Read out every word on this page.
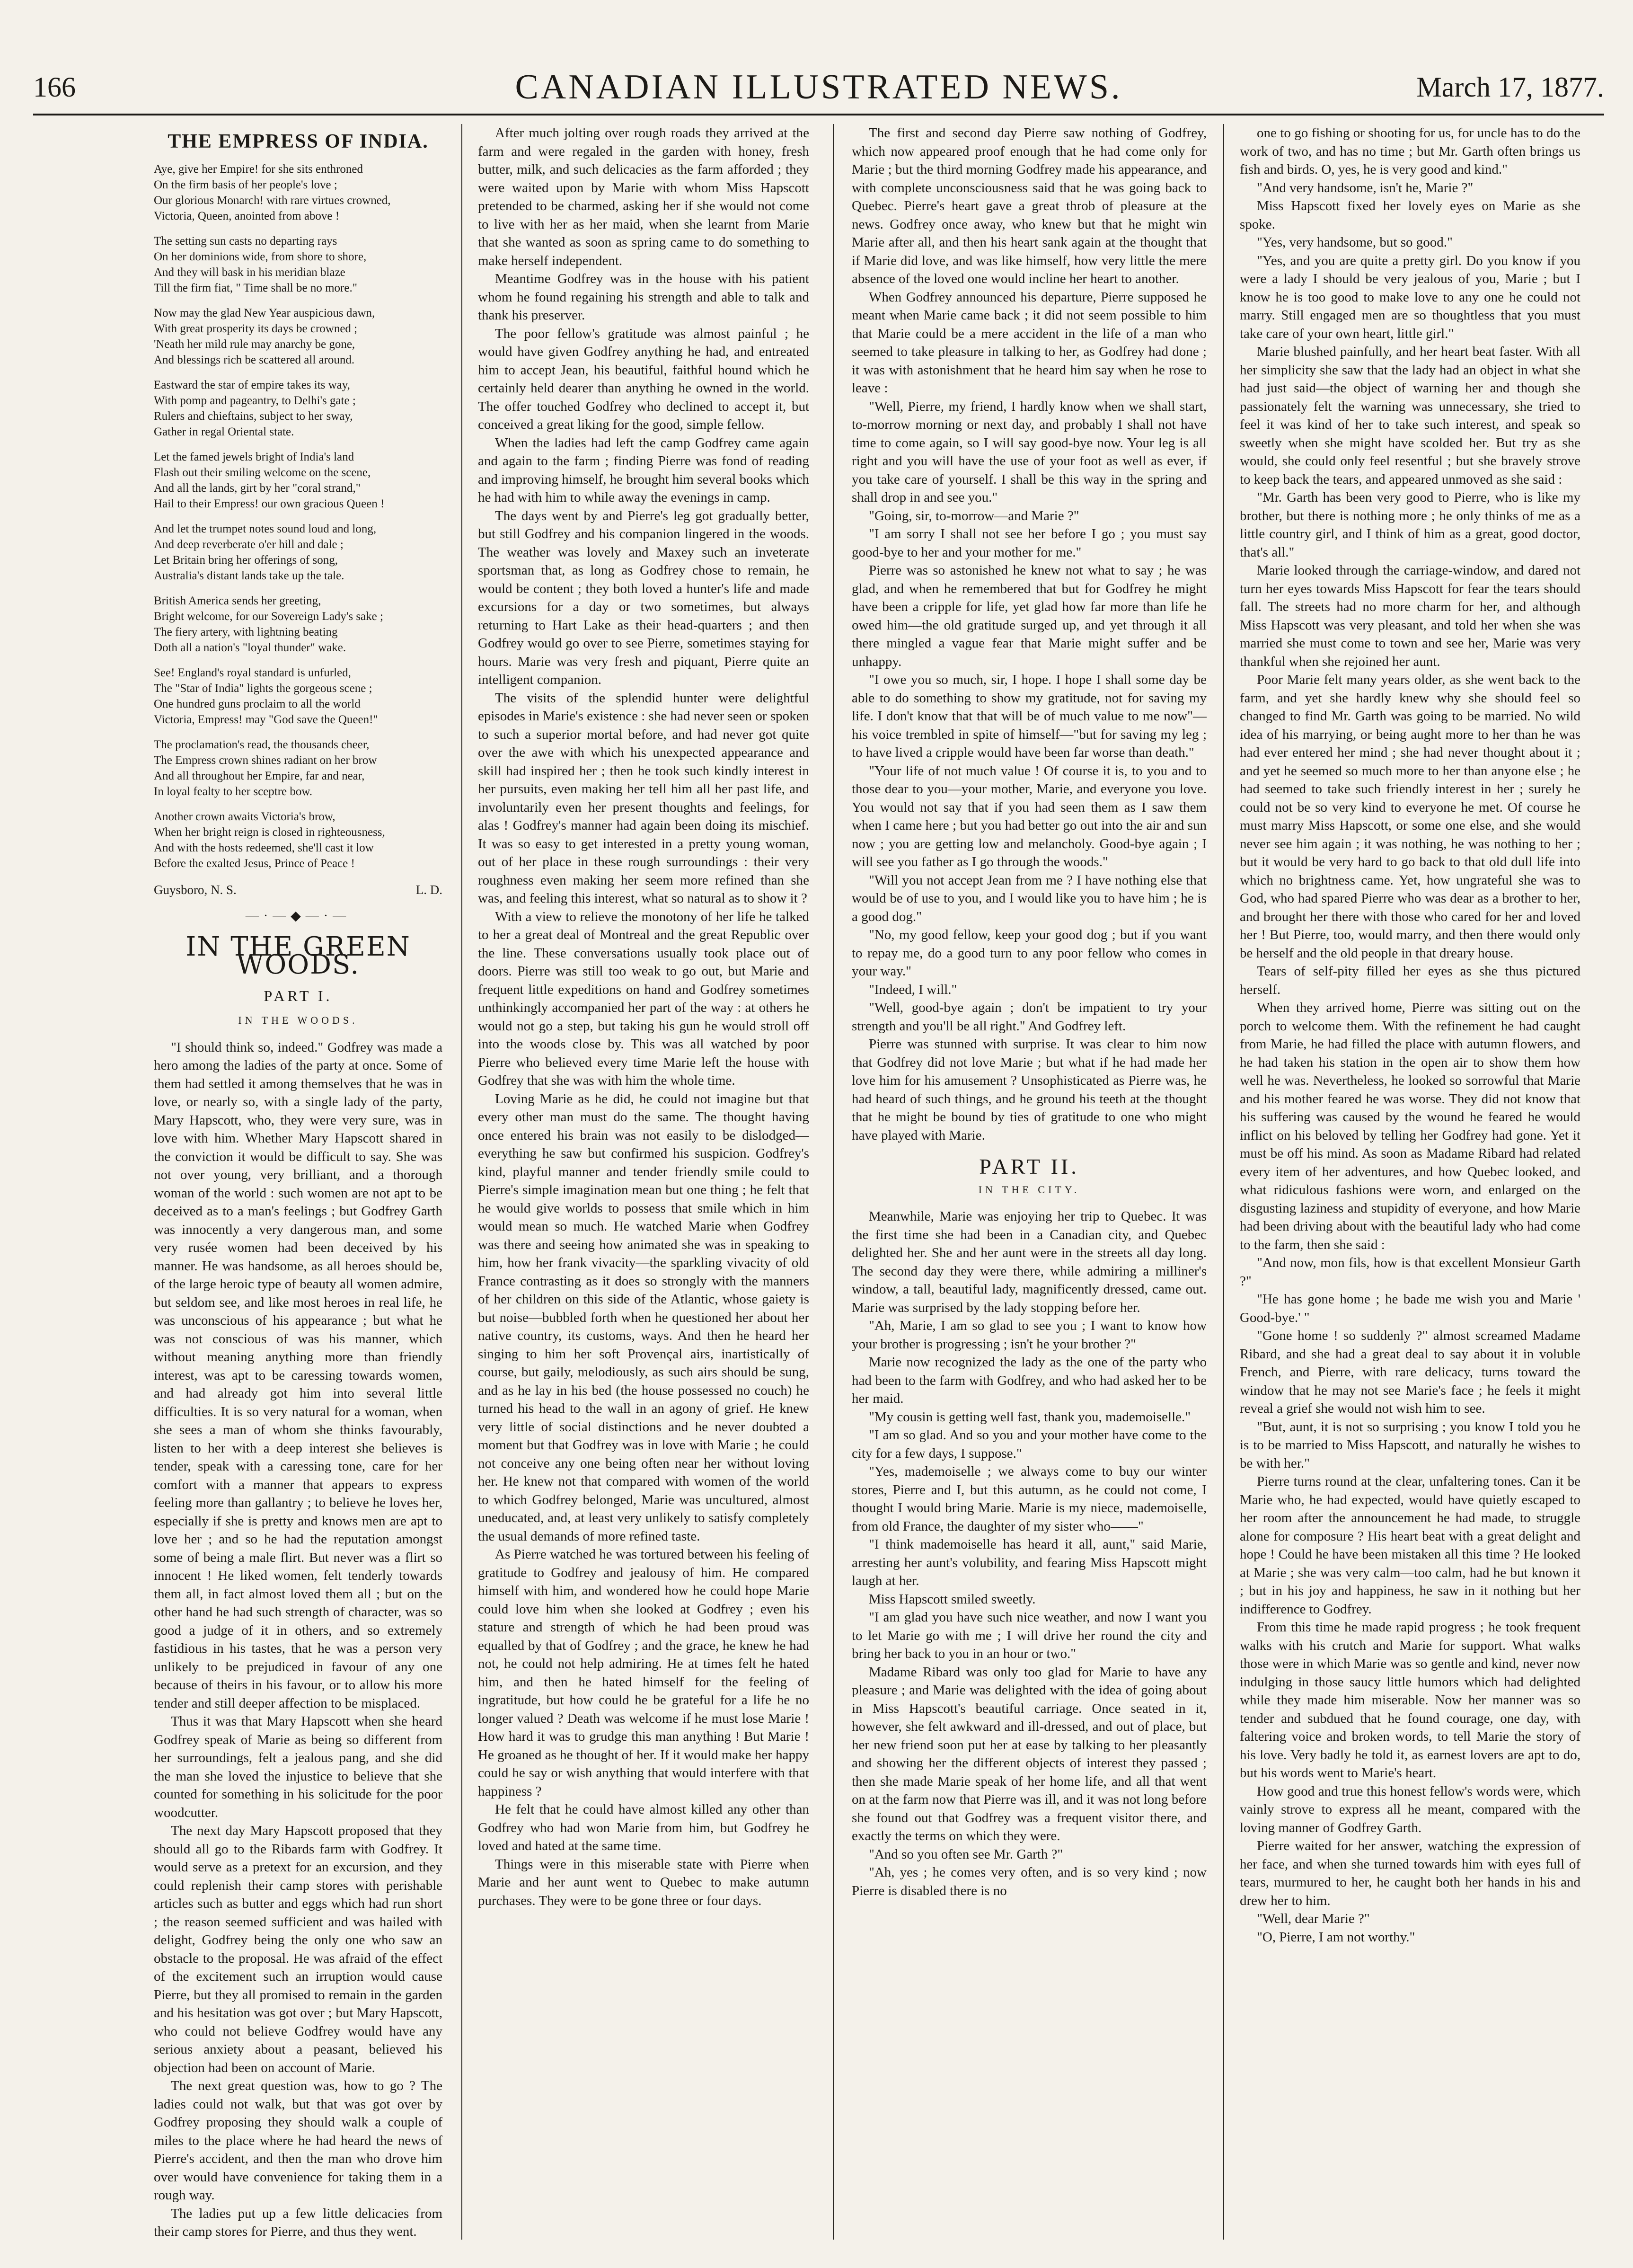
166	CANADIAN ILLUSTRATED NEWS.	March 17, 1877.
THE EMPRESS OF INDIA.
Aye, give her Empire! for she sits enthroned
On the firm basis of her people's love ;
Our glorious Monarch! with rare virtues crowned,
Victoria, Queen, anointed from above !
The setting sun casts no departing rays
On her dominions wide, from shore to shore,
And they will bask in his meridian blaze
Till the firm fiat, " Time shall be no more."
Now may the glad New Year auspicious dawn,
With great prosperity its days be crowned ;
'Neath her mild rule may anarchy be gone,
And blessings rich be scattered all around.
Eastward the star of empire takes its way,
With pomp and pageantry, to Delhi's gate ;
Rulers and chieftains, subject to her sway,
Gather in regal Oriental state.
Let the famed jewels bright of India's land
Flash out their smiling welcome on the scene,
And all the lands, girt by her "coral strand,"
Hail to their Empress! our own gracious Queen !
And let the trumpet notes sound loud and long,
And deep reverberate o'er hill and dale ;
Let Britain bring her offerings of song,
Australia's distant lands take up the tale.
British America sends her greeting,
Bright welcome, for our Sovereign Lady's sake ;
The fiery artery, with lightning beating
Doth all a nation's "loyal thunder" wake.
See! England's royal standard is unfurled,
The "Star of India" lights the gorgeous scene ;
One hundred guns proclaim to all the world
Victoria, Empress! may "God save the Queen!"
The proclamation's read, the thousands cheer,
The Empress crown shines radiant on her brow
And all throughout her Empire, far and near,
In loyal fealty to her sceptre bow.
Another crown awaits Victoria's brow,
When her bright reign is closed in righteousness,
And with the hosts redeemed, she'll cast it low
Before the exalted Jesus, Prince of Peace !
Guysboro, N. S.	L. D.
—·—◆—·—
IN THE GREEN WOODS.
PART I.
IN THE WOODS.

"I should think so, indeed." Godfrey was made a hero among the ladies of the party at once. Some of them had settled it among themselves that he was in love, or nearly so, with a single lady of the party, Mary Hapscott, who, they were very sure, was in love with him. Whether Mary Hapscott shared in the conviction it would be difficult to say. She was not over young, very brilliant, and a thorough woman of the world : such women are not apt to be deceived as to a man's feelings ; but Godfrey Garth was innocently a very dangerous man, and some very rusée women had been deceived by his manner. He was handsome, as all heroes should be, of the large heroic type of beauty all women admire, but seldom see, and like most heroes in real life, he was unconscious of his appearance ; but what he was not conscious of was his manner, which without meaning anything more than friendly interest, was apt to be caressing towards women, and had already got him into several little difficulties. It is so very natural for a woman, when she sees a man of whom she thinks favourably, listen to her with a deep interest she believes is tender, speak with a caressing tone, care for her comfort with a manner that appears to express feeling more than gallantry ; to believe he loves her, especially if she is pretty and knows men are apt to love her ; and so he had the reputation amongst some of being a male flirt. But never was a flirt so innocent ! He liked women, felt tenderly towards them all, in fact almost loved them all ; but on the other hand he had such strength of character, was so good a judge of it in others, and so extremely fastidious in his tastes, that he was a person very unlikely to be prejudiced in favour of any one because of theirs in his favour, or to allow his more tender and still deeper affection to be misplaced.

Thus it was that Mary Hapscott when she heard Godfrey speak of Marie as being so different from her surroundings, felt a jealous pang, and she did the man she loved the injustice to believe that she counted for something in his solicitude for the poor woodcutter.

The next day Mary Hapscott proposed that they should all go to the Ribards farm with Godfrey. It would serve as a pretext for an excursion, and they could replenish their camp stores with perishable articles such as butter and eggs which had run short ; the reason seemed sufficient and was hailed with delight, Godfrey being the only one who saw an obstacle to the proposal. He was afraid of the effect of the excitement such an irruption would cause Pierre, but they all promised to remain in the garden and his hesitation was got over ; but Mary Hapscott, who could not believe Godfrey would have any serious anxiety about a peasant, believed his objection had been on account of Marie.

The next great question was, how to go ? The ladies could not walk, but that was got over by Godfrey proposing they should walk a couple of miles to the place where he had heard the news of Pierre's accident, and then the man who drove him over would have convenience for taking them in a rough way.

The ladies put up a few little delicacies from their camp stores for Pierre, and thus they went.

After much jolting over rough roads they arrived at the farm and were regaled in the garden with honey, fresh butter, milk, and such delicacies as the farm afforded ; they were waited upon by Marie with whom Miss Hapscott pretended to be charmed, asking her if she would not come to live with her as her maid, when she learnt from Marie that she wanted as soon as spring came to do something to make herself independent.

Meantime Godfrey was in the house with his patient whom he found regaining his strength and able to talk and thank his preserver.

The poor fellow's gratitude was almost painful ; he would have given Godfrey anything he had, and entreated him to accept Jean, his beautiful, faithful hound which he certainly held dearer than anything he owned in the world. The offer touched Godfrey who declined to accept it, but conceived a great liking for the good, simple fellow.

When the ladies had left the camp Godfrey came again and again to the farm ; finding Pierre was fond of reading and improving himself, he brought him several books which he had with him to while away the evenings in camp.

The days went by and Pierre's leg got gradually better, but still Godfrey and his companion lingered in the woods. The weather was lovely and Maxey such an inveterate sportsman that, as long as Godfrey chose to remain, he would be content ; they both loved a hunter's life and made excursions for a day or two sometimes, but always returning to Hart Lake as their head-quarters ; and then Godfrey would go over to see Pierre, sometimes staying for hours. Marie was very fresh and piquant, Pierre quite an intelligent companion.

The visits of the splendid hunter were delightful episodes in Marie's existence : she had never seen or spoken to such a superior mortal before, and had never got quite over the awe with which his unexpected appearance and skill had inspired her ; then he took such kindly interest in her pursuits, even making her tell him all her past life, and involuntarily even her present thoughts and feelings, for alas ! Godfrey's manner had again been doing its mischief. It was so easy to get interested in a pretty young woman, out of her place in these rough surroundings : their very roughness even making her seem more refined than she was, and feeling this interest, what so natural as to show it ?

With a view to relieve the monotony of her life he talked to her a great deal of Montreal and the great Republic over the line. These conversations usually took place out of doors. Pierre was still too weak to go out, but Marie and frequent little expeditions on hand and Godfrey sometimes unthinkingly accompanied her part of the way : at others he would not go a step, but taking his gun he would stroll off into the woods close by. This was all watched by poor Pierre who believed every time Marie left the house with Godfrey that she was with him the whole time.

Loving Marie as he did, he could not imagine but that every other man must do the same. The thought having once entered his brain was not easily to be dislodged—everything he saw but confirmed his suspicion. Godfrey's kind, playful manner and tender friendly smile could to Pierre's simple imagination mean but one thing ; he felt that he would give worlds to possess that smile which in him would mean so much. He watched Marie when Godfrey was there and seeing how animated she was in speaking to him, how her frank vivacity—the sparkling vivacity of old France contrasting as it does so strongly with the manners of her children on this side of the Atlantic, whose gaiety is but noise—bubbled forth when he questioned her about her native country, its customs, ways. And then he heard her singing to him her soft Provençal airs, inartistically of course, but gaily, melodiously, as such airs should be sung, and as he lay in his bed (the house possessed no couch) he turned his head to the wall in an agony of grief. He knew very little of social distinctions and he never doubted a moment but that Godfrey was in love with Marie ; he could not conceive any one being often near her without loving her. He knew not that compared with women of the world to which Godfrey belonged, Marie was uncultured, almost uneducated, and, at least very unlikely to satisfy completely the usual demands of more refined taste.

As Pierre watched he was tortured between his feeling of gratitude to Godfrey and jealousy of him. He compared himself with him, and wondered how he could hope Marie could love him when she looked at Godfrey ; even his stature and strength of which he had been proud was equalled by that of Godfrey ; and the grace, he knew he had not, he could not help admiring. He at times felt he hated him, and then he hated himself for the feeling of ingratitude, but how could he be grateful for a life he no longer valued ? Death was welcome if he must lose Marie ! How hard it was to grudge this man anything ! But Marie ! He groaned as he thought of her. If it would make her happy could he say or wish anything that would interfere with that happiness ?

He felt that he could have almost killed any other than Godfrey who had won Marie from him, but Godfrey he loved and hated at the same time.

Things were in this miserable state with Pierre when Marie and her aunt went to Quebec to make autumn purchases. They were to be gone three or four days.

The first and second day Pierre saw nothing of Godfrey, which now appeared proof enough that he had come only for Marie ; but the third morning Godfrey made his appearance, and with complete unconsciousness said that he was going back to Quebec. Pierre's heart gave a great throb of pleasure at the news. Godfrey once away, who knew but that he might win Marie after all, and then his heart sank again at the thought that if Marie did love, and was like himself, how very little the mere absence of the loved one would incline her heart to another.

When Godfrey announced his departure, Pierre supposed he meant when Marie came back ; it did not seem possible to him that Marie could be a mere accident in the life of a man who seemed to take pleasure in talking to her, as Godfrey had done ; it was with astonishment that he heard him say when he rose to leave :

"Well, Pierre, my friend, I hardly know when we shall start, to-morrow morning or next day, and probably I shall not have time to come again, so I will say good-bye now. Your leg is all right and you will have the use of your foot as well as ever, if you take care of yourself. I shall be this way in the spring and shall drop in and see you."

"Going, sir, to-morrow—and Marie ?"

"I am sorry I shall not see her before I go ; you must say good-bye to her and your mother for me."

Pierre was so astonished he knew not what to say ; he was glad, and when he remembered that but for Godfrey he might have been a cripple for life, yet glad how far more than life he owed him—the old gratitude surged up, and yet through it all there mingled a vague fear that Marie might suffer and be unhappy.

"I owe you so much, sir, I hope. I hope I shall some day be able to do something to show my gratitude, not for saving my life. I don't know that that will be of much value to me now"—his voice trembled in spite of himself—"but for saving my leg ; to have lived a cripple would have been far worse than death."

"Your life of not much value ! Of course it is, to you and to those dear to you—your mother, Marie, and everyone you love. You would not say that if you had seen them as I saw them when I came here ; but you had better go out into the air and sun now ; you are getting low and melancholy. Good-bye again ; I will see you father as I go through the woods."

"Will you not accept Jean from me ? I have nothing else that would be of use to you, and I would like you to have him ; he is a good dog."

"No, my good fellow, keep your good dog ; but if you want to repay me, do a good turn to any poor fellow who comes in your way."

"Indeed, I will."

"Well, good-bye again ; don't be impatient to try your strength and you'll be all right." And Godfrey left.

Pierre was stunned with surprise. It was clear to him now that Godfrey did not love Marie ; but what if he had made her love him for his amusement ? Unsophisticated as Pierre was, he had heard of such things, and he ground his teeth at the thought that he might be bound by ties of gratitude to one who might have played with Marie.

PART II.
IN THE CITY.

Meanwhile, Marie was enjoying her trip to Quebec. It was the first time she had been in a Canadian city, and Quebec delighted her. She and her aunt were in the streets all day long. The second day they were there, while admiring a milliner's window, a tall, beautiful lady, magnificently dressed, came out. Marie was surprised by the lady stopping before her.

"Ah, Marie, I am so glad to see you ; I want to know how your brother is progressing ; isn't he your brother ?"

Marie now recognized the lady as the one of the party who had been to the farm with Godfrey, and who had asked her to be her maid.

"My cousin is getting well fast, thank you, mademoiselle."

"I am so glad. And so you and your mother have come to the city for a few days, I suppose."

"Yes, mademoiselle ; we always come to buy our winter stores, Pierre and I, but this autumn, as he could not come, I thought I would bring Marie. Marie is my niece, mademoiselle, from old France, the daughter of my sister who——"

"I think mademoiselle has heard it all, aunt," said Marie, arresting her aunt's volubility, and fearing Miss Hapscott might laugh at her.

Miss Hapscott smiled sweetly.

"I am glad you have such nice weather, and now I want you to let Marie go with me ; I will drive her round the city and bring her back to you in an hour or two."

Madame Ribard was only too glad for Marie to have any pleasure ; and Marie was delighted with the idea of going about in Miss Hapscott's beautiful carriage. Once seated in it, however, she felt awkward and ill-dressed, and out of place, but her new friend soon put her at ease by talking to her pleasantly and showing her the different objects of interest they passed ; then she made Marie speak of her home life, and all that went on at the farm now that Pierre was ill, and it was not long before she found out that Godfrey was a frequent visitor there, and exactly the terms on which they were.

"And so you often see Mr. Garth ?"

"Ah, yes ; he comes very often, and is so very kind ; now Pierre is disabled there is no

one to go fishing or shooting for us, for uncle has to do the work of two, and has no time ; but Mr. Garth often brings us fish and birds. O, yes, he is very good and kind."

"And very handsome, isn't he, Marie ?"

Miss Hapscott fixed her lovely eyes on Marie as she spoke.

"Yes, very handsome, but so good."

"Yes, and you are quite a pretty girl. Do you know if you were a lady I should be very jealous of you, Marie ; but I know he is too good to make love to any one he could not marry. Still engaged men are so thoughtless that you must take care of your own heart, little girl."

Marie blushed painfully, and her heart beat faster. With all her simplicity she saw that the lady had an object in what she had just said—the object of warning her and though she passionately felt the warning was unnecessary, she tried to feel it was kind of her to take such interest, and speak so sweetly when she might have scolded her. But try as she would, she could only feel resentful ; but she bravely strove to keep back the tears, and appeared unmoved as she said :

"Mr. Garth has been very good to Pierre, who is like my brother, but there is nothing more ; he only thinks of me as a little country girl, and I think of him as a great, good doctor, that's all."

Marie looked through the carriage-window, and dared not turn her eyes towards Miss Hapscott for fear the tears should fall. The streets had no more charm for her, and although Miss Hapscott was very pleasant, and told her when she was married she must come to town and see her, Marie was very thankful when she rejoined her aunt.

Poor Marie felt many years older, as she went back to the farm, and yet she hardly knew why she should feel so changed to find Mr. Garth was going to be married. No wild idea of his marrying, or being aught more to her than he was had ever entered her mind ; she had never thought about it ; and yet he seemed so much more to her than anyone else ; he had seemed to take such friendly interest in her ; surely he could not be so very kind to everyone he met. Of course he must marry Miss Hapscott, or some one else, and she would never see him again ; it was nothing, he was nothing to her ; but it would be very hard to go back to that old dull life into which no brightness came. Yet, how ungrateful she was to God, who had spared Pierre who was dear as a brother to her, and brought her there with those who cared for her and loved her ! But Pierre, too, would marry, and then there would only be herself and the old people in that dreary house.

Tears of self-pity filled her eyes as she thus pictured herself.

When they arrived home, Pierre was sitting out on the porch to welcome them. With the refinement he had caught from Marie, he had filled the place with autumn flowers, and he had taken his station in the open air to show them how well he was. Nevertheless, he looked so sorrowful that Marie and his mother feared he was worse. They did not know that his suffering was caused by the wound he feared he would inflict on his beloved by telling her Godfrey had gone. Yet it must be off his mind. As soon as Madame Ribard had related every item of her adventures, and how Quebec looked, and what ridiculous fashions were worn, and enlarged on the disgusting laziness and stupidity of everyone, and how Marie had been driving about with the beautiful lady who had come to the farm, then she said :

"And now, mon fils, how is that excellent Monsieur Garth ?"

"He has gone home ; he bade me wish you and Marie ' Good-bye.' "

"Gone home ! so suddenly ?" almost screamed Madame Ribard, and she had a great deal to say about it in voluble French, and Pierre, with rare delicacy, turns toward the window that he may not see Marie's face ; he feels it might reveal a grief she would not wish him to see.

"But, aunt, it is not so surprising ; you know I told you he is to be married to Miss Hapscott, and naturally he wishes to be with her."

Pierre turns round at the clear, unfaltering tones. Can it be Marie who, he had expected, would have quietly escaped to her room after the announcement he had made, to struggle alone for composure ? His heart beat with a great delight and hope ! Could he have been mistaken all this time ? He looked at Marie ; she was very calm—too calm, had he but known it ; but in his joy and happiness, he saw in it nothing but her indifference to Godfrey.

From this time he made rapid progress ; he took frequent walks with his crutch and Marie for support. What walks those were in which Marie was so gentle and kind, never now indulging in those saucy little humors which had delighted while they made him miserable. Now her manner was so tender and subdued that he found courage, one day, with faltering voice and broken words, to tell Marie the story of his love. Very badly he told it, as earnest lovers are apt to do, but his words went to Marie's heart.

How good and true this honest fellow's words were, which vainly strove to express all he meant, compared with the loving manner of Godfrey Garth.

Pierre waited for her answer, watching the expression of her face, and when she turned towards him with eyes full of tears, murmured to her, he caught both her hands in his and drew her to him.

"Well, dear Marie ?"

"O, Pierre, I am not worthy."
